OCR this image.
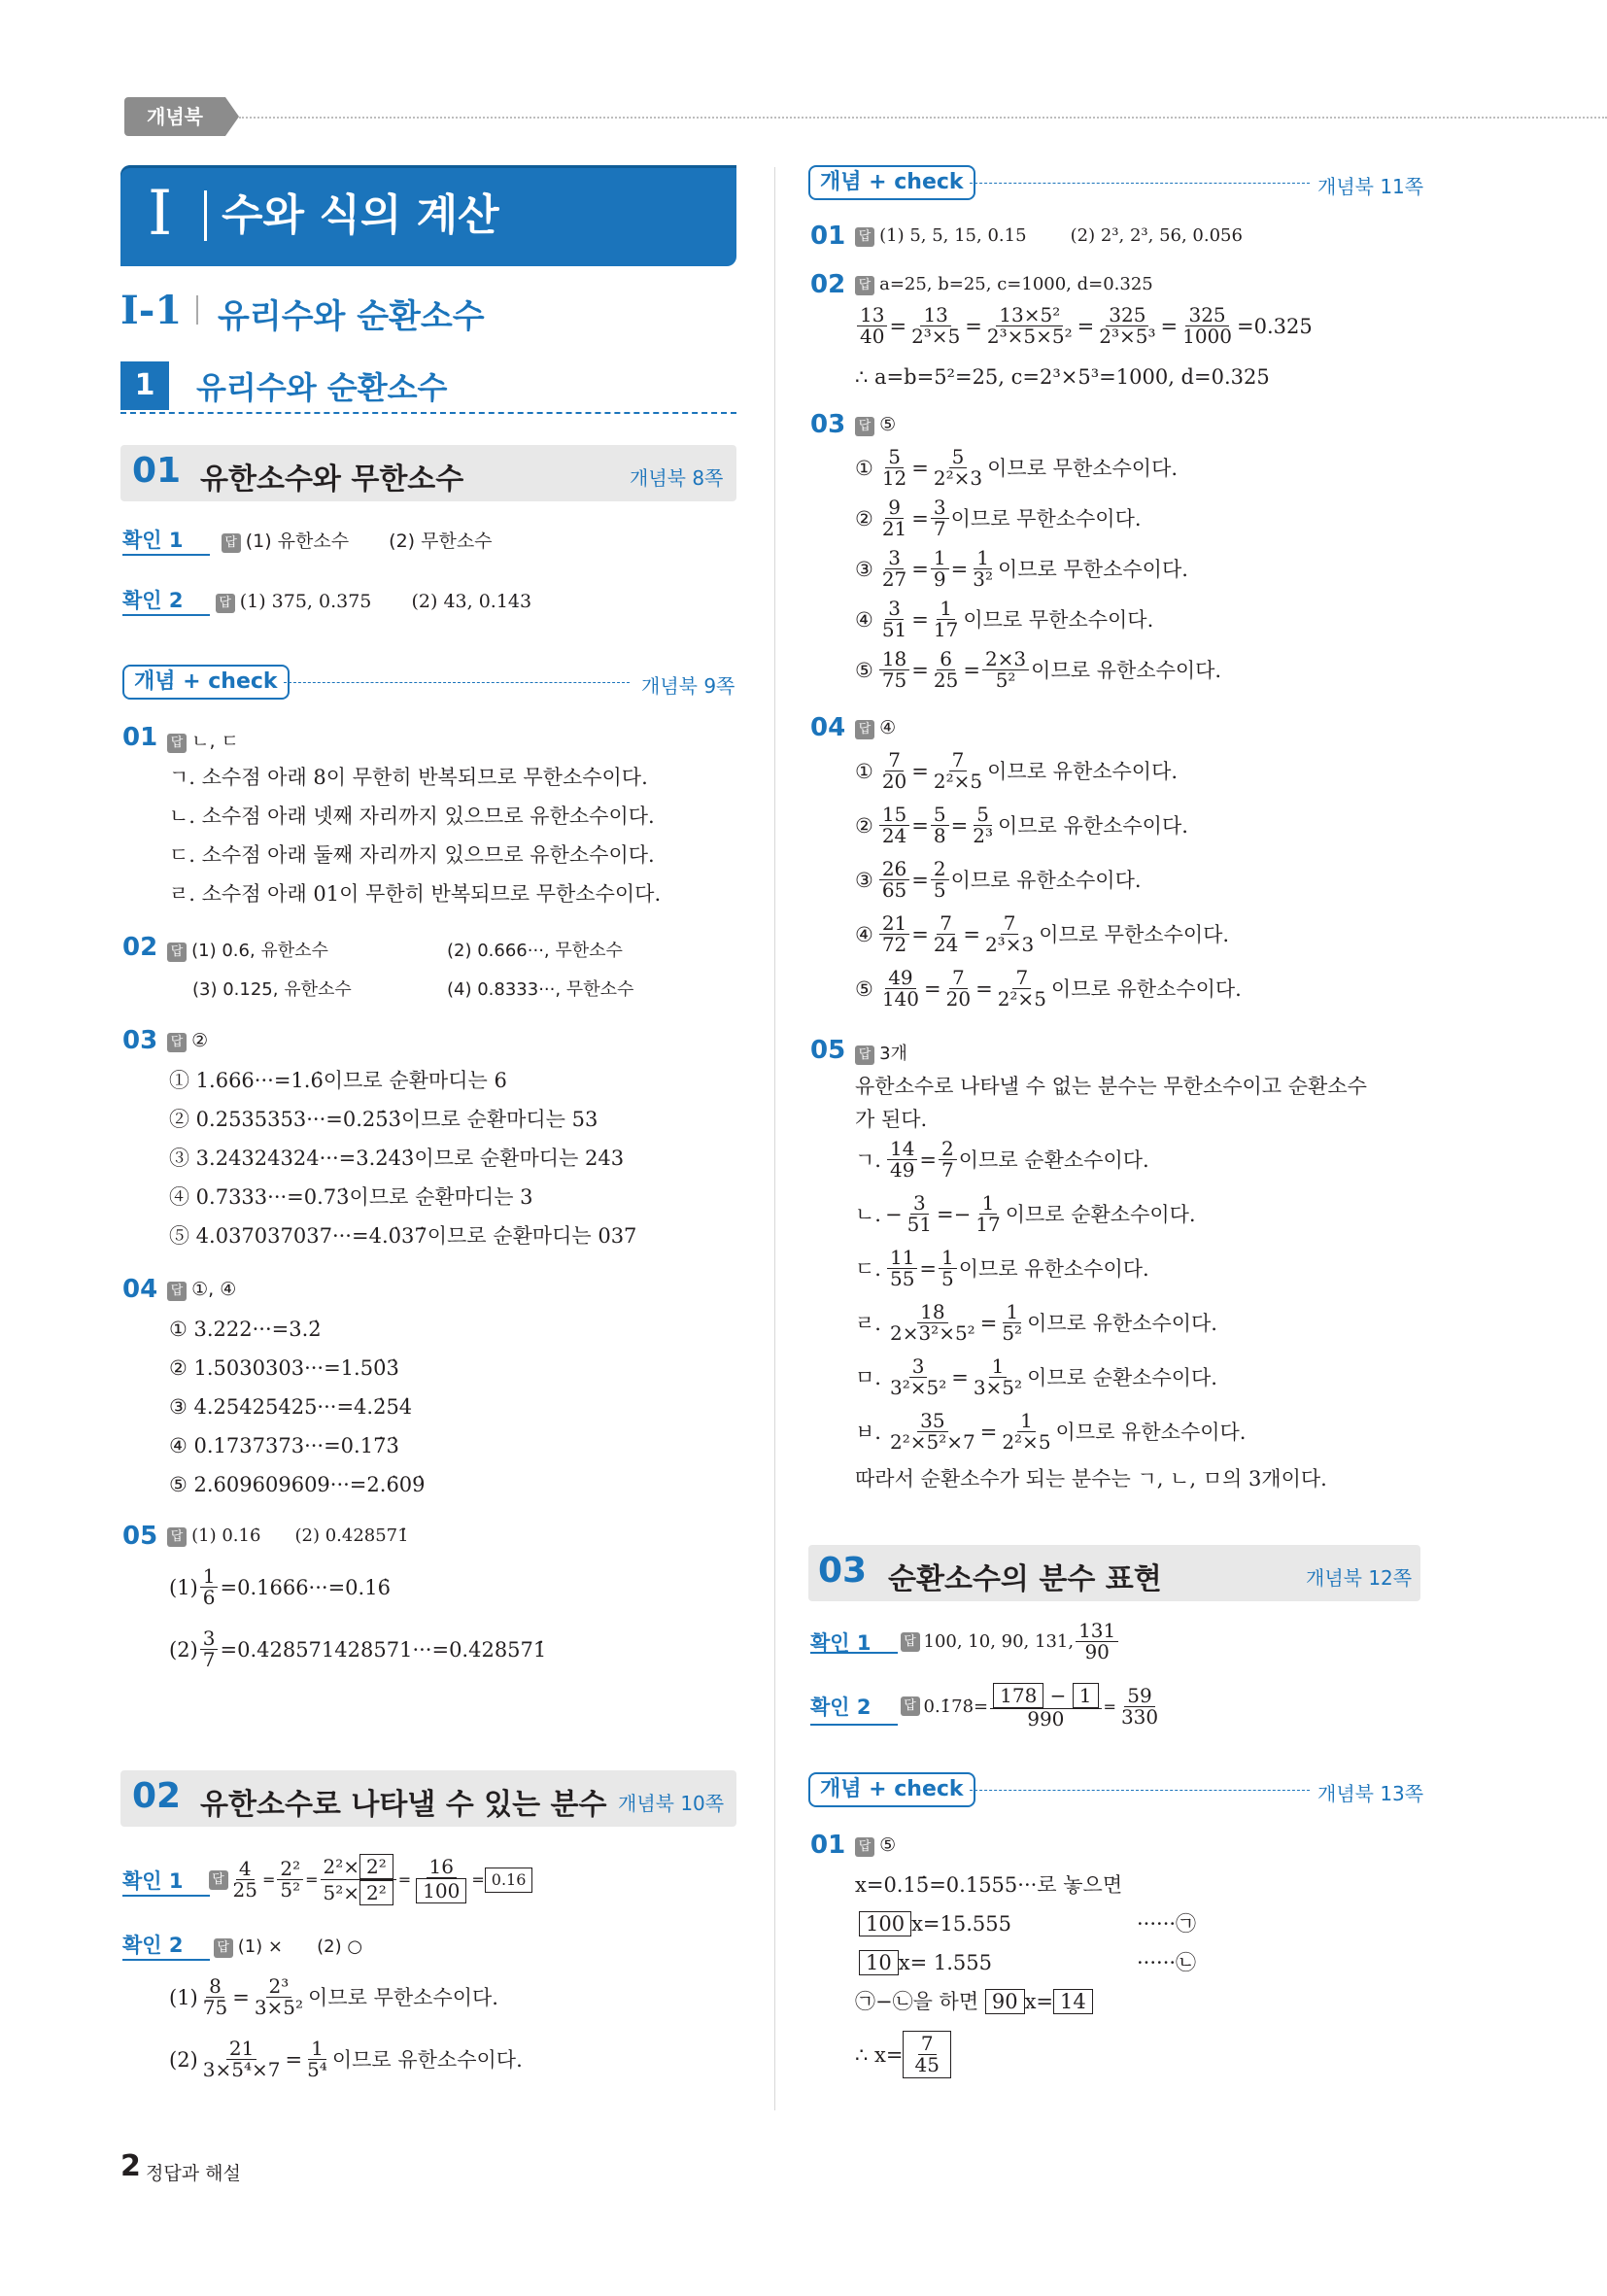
개념북
I 수와 식의 계산
I-1 유리수와 순환소수
1	유리수와 순환소수
01 유한소수와 무한소수	개념북 8쪽
확인 1	답 (1) 유한소수 (2) 무한소수
확인 2	답 (1) 375, 0.375 (2) 43, 0.143
개념 + check	개념북 9쪽
01 답 ㄴ, ㄷ
ㄱ. 소수점 아래 8이 무한히 반복되므로 무한소수이다.
ㄴ. 소수점 아래 넷째 자리까지 있으므로 유한소수이다.
ㄷ. 소수점 아래 둘째 자리까지 있으므로 유한소수이다.
ㄹ. 소수점 아래 01이 무한히 반복되므로 무한소수이다.
02 답 (1) 0.6, 유한소수	(2) 0.666···, 무한소수
(3) 0.125, 유한소수	(4) 0.8333···, 무한소수
03 답 ②
① 1.666···=1.6̇이므로 순환마디는 6
② 0.2535353···=0.25̇3̇이므로 순환마디는 53
③ 3.24324324···=3.2̇43̇이므로 순환마디는 243
④ 0.7333···=0.73̇이므로 순환마디는 3
⑤ 4.037037037···=4.0̇37̇이므로 순환마디는 037
04 답 ①, ④
① 3.222···=3.2̇
② 1.5030303···=1.50̇3̇
③ 4.25425425···=4.2̇54̇
④ 0.1737373···=0.17̇3̇
⑤ 2.609609609···=2.6̇09̇
05 답 (1) 0.16̇ (2) 0.4̇28571̇
$(1) \frac{1}{6}$ =0.1666···=0.16̇
$(2) \frac{3}{7}$ =0.428571428571···=0.4̇28571̇
02 유한소수로 나타낼 수 있는 분수 개념북 10쪽
확인 1 답 $\frac{4}{25} = \frac{\text{2²}}{\text{5²}} = \frac{\text{2²× 2²}}{\text{5²× 2²}} = \frac{16}{100} = 0.16$
확인 2	답 (1) × (2) ○
$(1) \frac{8}{75} = \frac{\text{2³}}{\text{3×5²}}$ 이므로 무한소수이다.
$(2) \frac{21}{\text{3×5⁴×7}} = \frac{1}{\text{5⁴}}$ 이므로 유한소수이다.
개념 + check	개념북 11쪽
01 답 (1) 5, 5, 15, 0.15	(2) 2³, 2³, 56, 0.056
02 답 a=25, b=25, c=1000, d=0.325
$\frac{13}{40} = \frac{13}{\text{2³×5}} = \frac{\text{13×5²}}{\text{2³×5×5²}} = \frac{325}{\text{2³×5³}} = \frac{325}{1000} =0.325$
∴ a=b=5²=25, c=2³×5³=1000, d=0.325
03 답 ⑤
① $\frac{5}{12} = \frac{5}{\text{2²×3}}$ 이므로 무한소수이다.
② $\frac{9}{21} = \frac{3}{7}$ 이므로 무한소수이다.
③ $\frac{3}{27} = \frac{1}{9} = \frac{1}{\text{3²}}$ 이므로 무한소수이다.
④ $\frac{3}{51} = \frac{1}{17}$ 이므로 무한소수이다.
⑤ $\frac{18}{75} = \frac{6}{25} = \frac{2\times 3}{\text{5²}}$ 이므로 유한소수이다.
04 답 ④
① $\frac{7}{20} = \frac{7}{\text{2²×5}}$ 이므로 유한소수이다.
② $\frac{15}{24} = \frac{5}{8} = \frac{5}{\text{2³}}$ 이므로 유한소수이다.
③ $\frac{26}{65} = \frac{2}{5}$ 이므로 유한소수이다.
④ $\frac{21}{72} = \frac{7}{24} = \frac{7}{\text{2³×3}}$ 이므로 무한소수이다.
⑤ $\frac{49}{140} = \frac{7}{20} = \frac{7}{\text{2²×5}}$ 이므로 유한소수이다.
05 답 3개
유한소수로 나타낼 수 없는 분수는 무한소수이고 순환소수
가 된다.
ㄱ. $\frac{14}{49} = \frac{2}{7}$ 이므로 순환소수이다.
ㄴ. − $\frac{3}{51} =- \frac{1}{17}$ 이므로 순환소수이다.
ㄷ. $\frac{11}{55} = \frac{1}{5}$ 이므로 유한소수이다.
ㄹ. $\frac{18}{\text{2×3²×5²}} = \frac{1}{\text{5²}}$ 이므로 유한소수이다.
ㅁ. $\frac{3}{\text{3²×5²}} = \frac{1}{\text{3×5²}}$ 이므로 순환소수이다.
ㅂ. $\frac{35}{\text{2²×5²×7}} = \frac{1}{\text{2²×5}}$ 이므로 유한소수이다.
따라서 순환소수가 되는 분수는 ㄱ, ㄴ, ㅁ의 3개이다.
03 순환소수의 분수 표현	개념북 12쪽
확인 1	답 100, 10, 90, 131, $\frac{131}{90}$
확인 2	답 0.1̇78̇= $\frac{178 - 1}{990} = \frac{59}{330}$
개념 + check	개념북 13쪽
01 답 ⑤
x=0.15̇=0.1555···로 놓으면
100 x=15.555	······㉠
10 x= 1.555	······㉡
㉠−㉡을 하면 90 x= 14
∴ $x= \frac{7}{45}$
2 정답과 해설
